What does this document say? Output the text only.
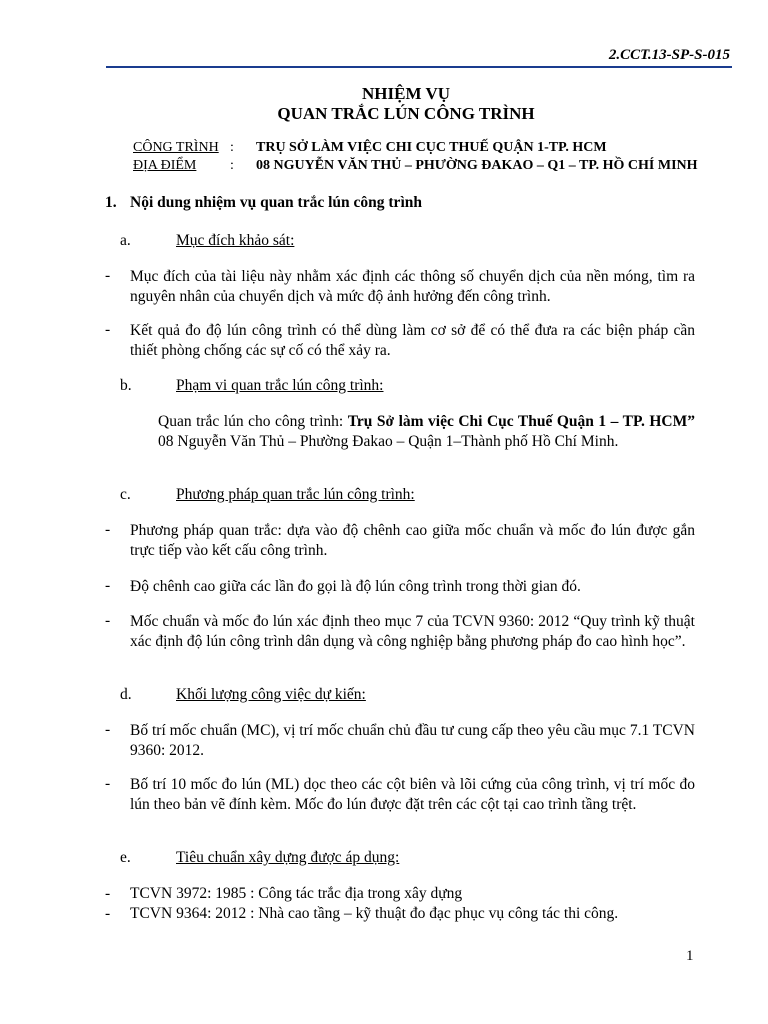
2.CCT.13-SP-S-015
NHIỆM VỤ
QUAN TRẮC LÚN CÔNG TRÌNH
CÔNG TRÌNH : TRỤ SỞ LÀM VIỆC CHI CỤC THUẾ QUẬN 1-TP. HCM
ĐỊA ĐIỂM : 08 NGUYỄN VĂN THỦ – PHƯỜNG ĐAKAO – Q1 – TP. HỒ CHÍ MINH
1. Nội dung nhiệm vụ quan trắc lún công trình
a.	Mục đích khảo sát:
- Mục đích của tài liệu này nhằm xác định các thông số chuyển dịch của nền móng, tìm ra nguyên nhân của chuyển dịch và mức độ ảnh hưởng đến công trình.
- Kết quả đo độ lún công trình có thể dùng làm cơ sở để có thể đưa ra các biện pháp cần thiết phòng chống các sự cố có thể xảy ra.
b.	Phạm vi quan trắc lún công trình:
Quan trắc lún cho công trình: Trụ Sở làm việc Chi Cục Thuế Quận 1 – TP. HCM” 08 Nguyễn Văn Thủ – Phường Đakao – Quận 1–Thành phố Hồ Chí Minh.
c.	Phương pháp quan trắc lún công trình:
- Phương pháp quan trắc: dựa vào độ chênh cao giữa mốc chuẩn và mốc đo lún được gắn trực tiếp vào kết cấu công trình.
- Độ chênh cao giữa các lần đo gọi là độ lún công trình trong thời gian đó.
- Mốc chuẩn và mốc đo lún xác định theo mục 7 của TCVN 9360: 2012 “Quy trình kỹ thuật xác định độ lún công trình dân dụng và công nghiệp bằng phương pháp đo cao hình học”.
d.	Khối lượng công việc dự kiến:
- Bố trí mốc chuẩn (MC), vị trí mốc chuẩn chủ đầu tư cung cấp theo yêu cầu mục 7.1 TCVN 9360: 2012.
- Bố trí 10 mốc đo lún (ML) dọc theo các cột biên và lõi cứng của công trình, vị trí mốc đo lún theo bản vẽ đính kèm. Mốc đo lún được đặt trên các cột tại cao trình tầng trệt.
e.	Tiêu chuẩn xây dựng được áp dụng:
- TCVN 3972: 1985 : Công tác trắc địa trong xây dựng
- TCVN 9364: 2012 : Nhà cao tầng – kỹ thuật đo đạc phục vụ công tác thi công.
1
